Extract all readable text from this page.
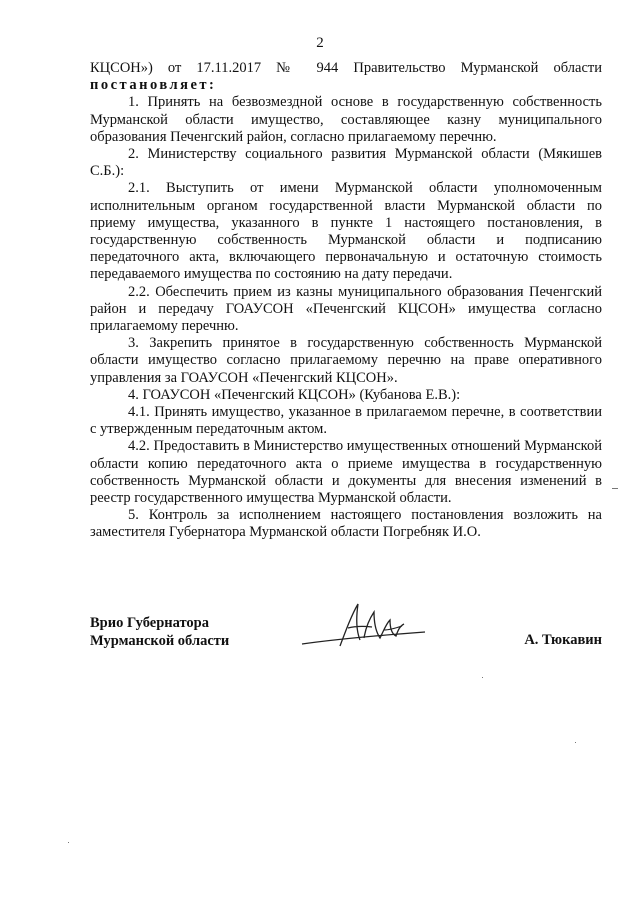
2

КЦСОН») от 17.11.2017 № 944 Правительство Мурманской области

постановляет:

1. Принять на безвозмездной основе в государственную собственность Мурманской области имущество, составляющее казну муниципального образования Печенгский район, согласно прилагаемому перечню.

2. Министерству социального развития Мурманской области (Мякишев С.Б.):

2.1. Выступить от имени Мурманской области уполномоченным исполнительным органом государственной власти Мурманской области по приему имущества, указанного в пункте 1 настоящего постановления, в государственную собственность Мурманской области и подписанию передаточного акта, включающего первоначальную и остаточную стоимость передаваемого имущества по состоянию на дату передачи.

2.2. Обеспечить прием из казны муниципального образования Печенгский район и передачу ГОАУСОН «Печенгский КЦСОН» имущества согласно прилагаемому перечню.

3. Закрепить принятое в государственную собственность Мурманской области имущество согласно прилагаемому перечню на праве оперативного управления за ГОАУСОН «Печенгский КЦСОН».

4. ГОАУСОН «Печенгский КЦСОН» (Кубанова Е.В.):

4.1. Принять имущество, указанное в прилагаемом перечне, в соответствии с утвержденным передаточным актом.

4.2. Предоставить в Министерство имущественных отношений Мурманской области копию передаточного акта о приеме имущества в государственную собственность Мурманской области и документы для внесения изменений в реестр государственного имущества Мурманской области.

5. Контроль за исполнением настоящего постановления возложить на заместителя Губернатора Мурманской области Погребняк И.О.

Врио Губернатора
Мурманской области	А. Тюкавин
